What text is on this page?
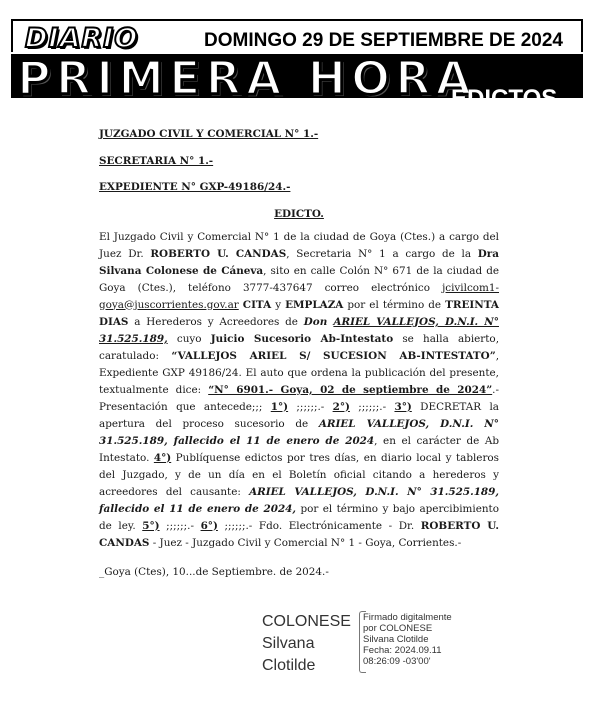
DIARIO	DOMINGO 29 DE SEPTIEMBRE DE 2024
PRIMERA HORA
EDICTOS

JUZGADO CIVIL Y COMERCIAL N° 1.-

SECRETARIA N° 1.-

EXPEDIENTE N° GXP-49186/24.-

EDICTO.

El Juzgado Civil y Comercial N° 1 de la ciudad de Goya (Ctes.) a cargo del Juez Dr. ROBERTO U. CANDAS, Secretaria N° 1 a cargo de la Dra Silvana Colonese de Cáneva, sito en calle Colón N° 671 de la ciudad de Goya (Ctes.), teléfono 3777-437647 correo electrónico jcivilcom1-goya@juscorrientes.gov.ar CITA y EMPLAZA por el término de TREINTA DIAS a Herederos y Acreedores de Don ARIEL VALLEJOS, D.N.I. N° 31.525.189, cuyo Juicio Sucesorio Ab-Intestato se halla abierto, caratulado: “VALLEJOS ARIEL S/ SUCESION AB-INTESTATO”, Expediente GXP 49186/24. El auto que ordena la publicación del presente, textualmente dice: “N° 6901.- Goya, 02 de septiembre de 2024”.- Presentación que antecede;;; 1°) ;;;;;;.- 2°) ;;;;;;.- 3°) DECRETAR la apertura del proceso sucesorio de ARIEL VALLEJOS, D.N.I. N° 31.525.189, fallecido el 11 de enero de 2024, en el carácter de Ab Intestato. 4°) Publíquense edictos por tres días, en diario local y tableros del Juzgado, y de un día en el Boletín oficial citando a herederos y acreedores del causante: ARIEL VALLEJOS, D.N.I. N° 31.525.189, fallecido el 11 de enero de 2024, por el término y bajo apercibimiento de ley. 5°) ;;;;;;.- 6°) ;;;;;;.- Fdo. Electrónicamente - Dr. ROBERTO U. CANDAS - Juez - Juzgado Civil y Comercial N° 1 - Goya, Corrientes.-

_Goya (Ctes), 10...de Septiembre. de 2024.-

COLONESE
Silvana
Clotilde
Firmado digitalmente
por COLONESE
Silvana Clotilde
Fecha: 2024.09.11
08:26:09 -03'00'
